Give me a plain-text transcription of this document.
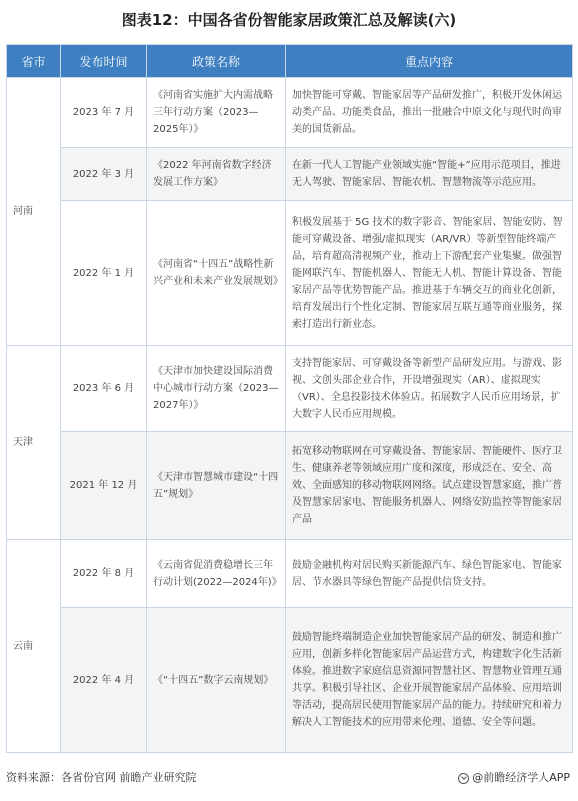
图表12：中国各省份智能家居政策汇总及解读(六)
省市	发布时间	政策名称	重点内容
河南	2023 年 7 月	《河南省实施扩大内需战略三年行动方案（2023—2025年）》	加快智能可穿戴、智能家居等产品研发推广，积极开发休闲运动类产品、功能类食品，推出一批融合中原文化与现代时尚审美的国货新品。
	2022 年 3 月	《2022 年河南省数字经济发展工作方案》	在新一代人工智能产业领域实施“智能+”应用示范项目，推进无人驾驶、智能家居、智能农机、智慧物流等示范应用。
	2022 年 1 月	《河南省“十四五”战略性新兴产业和未来产业发展规划》	积极发展基于 5G 技术的数字影音、智能家居、智能安防、智能可穿戴设备、增强/虚拟现实（AR/VR）等新型智能终端产品，培育超高清视频产业，推动上下游配套产业集聚。做强智能网联汽车、智能机器人、智能无人机、智能计算设备、智能家居产品等优势智能产品。推进基于车辆交互的商业化创新，培育发展出行个性化定制、智能家居互联互通等商业服务，探索打造出行新业态。
天津	2023 年 6 月	《天津市加快建设国际消费中心城市行动方案（2023—2027年）》	支持智能家居、可穿戴设备等新型产品研发应用。与游戏、影视、文创头部企业合作，开设增强现实（AR）、虚拟现实（VR）、全息投影技术体验店。拓展数字人民币应用场景，扩大数字人民币应用规模。
	2021 年 12 月	《天津市智慧城市建设“十四五”规划》	拓宽移动物联网在可穿戴设备、智能家居、智能硬件、医疗卫生、健康养老等领域应用广度和深度，形成泛在、安全、高效、全面感知的移动物联网网络。试点建设智慧家庭，推广普及智慧家居家电、智能服务机器人、网络安防监控等智能家居产品
云南	2022 年 8 月	《云南省促消费稳增长三年行动计划(2022—2024年)》	鼓励金融机构对居民购买新能源汽车、绿色智能家电、智能家居、节水器具等绿色智能产品提供信贷支持。
	2022 年 4 月	《“十四五”数字云南规划》	鼓励智能终端制造企业加快智能家居产品的研发、制造和推广应用，创新多样化智能家居产品运营方式，构建数字化生活新体验。推进数字家庭信息资源同智慧社区、智慧物业管理互通共享。积极引导社区、企业开展智能家居产品体验、应用培训等活动，提高居民使用智能家居产品的能力。持续研究和着力解决人工智能技术的应用带来伦理、道德、安全等问题。
资料来源：各省份官网 前瞻产业研究院	@前瞻经济学人APP
